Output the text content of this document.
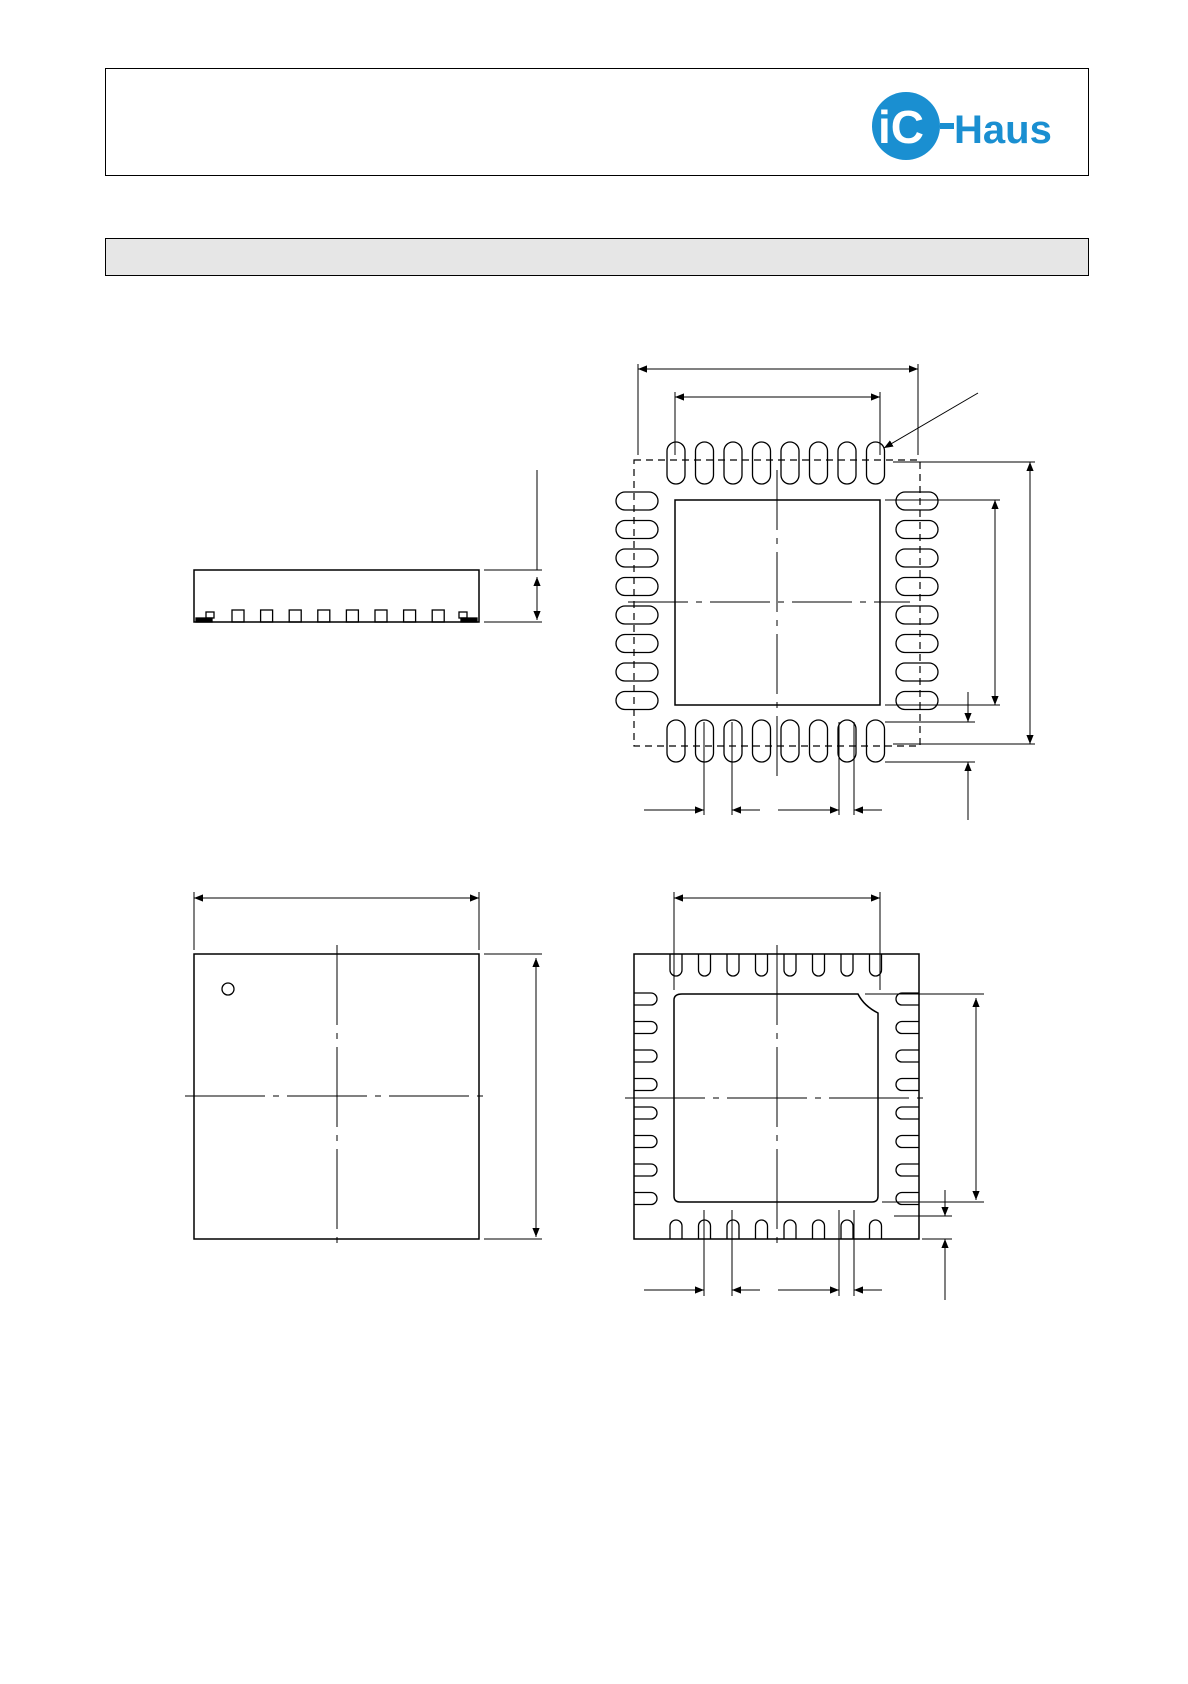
iC Haus
